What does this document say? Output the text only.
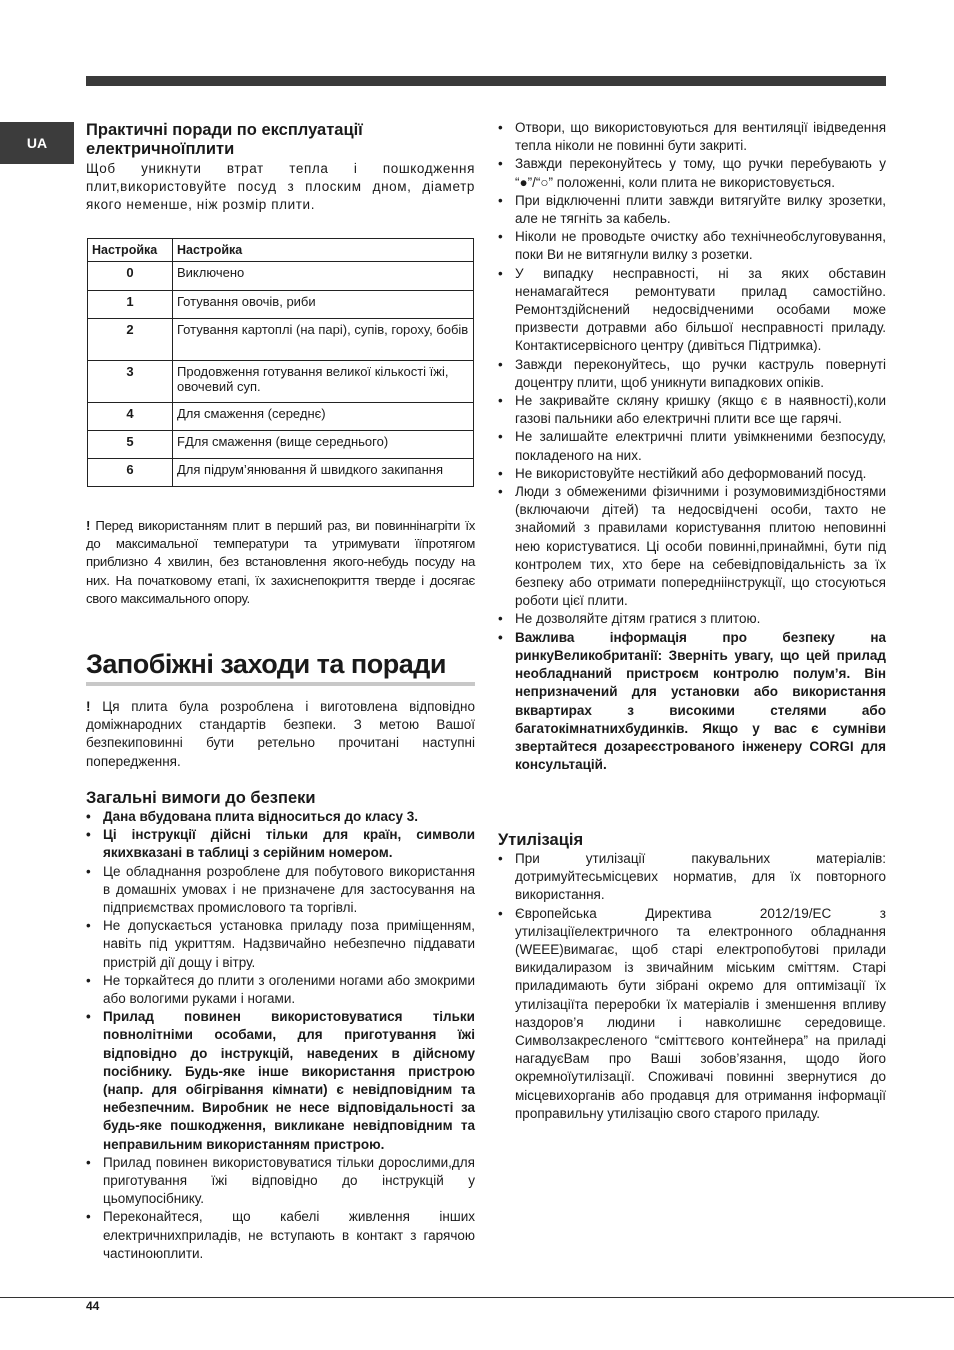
UA
Практичні поради по експлуатації електричноїплити

Щоб уникнути втрат тепла і пошкодження плит,використовуйте посуд з плоским дном, діаметр якого неменше, ніж розмір плити.

Настройка	Настройка
0	Виключено
1	Готування овочів, риби
2	Готування картоплі (на парі), супів, гороху, бобів
3	Продовження готування великої кількості їжі, овочевий суп.
4	Для смаження (середнє)
5	FДля смаження (вище середнього)
6	Для підрум’янювання й швидкого закипання

! Перед використанням плит в перший раз, ви повиннінагріти їх до максимальної температури та утримувати їїпротягом приблизно 4 хвилин, без встановлення якого-небудь посуду на них. На початковому етапі, їх захиснепокриття тверде і досягає свого максимального опору.

Запобіжні заходи та поради

! Ця плита була розроблена і виготовлена відповідно доміжнародних стандартів безпеки. З метою Вашої безпекиповинні бути ретельно прочитані наступні попередження.

Загальні вимоги до безпеки
• Дана вбудована плита відноситься до класу 3.
• Ці інструкції дійсні тільки для країн, символи якихвказані в таблиці з серійним номером.
• Це обладнання розроблене для побутового використання в домашніх умовах і не призначене для застосування на підприємствах промислового та торгівлі.
• Не допускається установка приладу поза приміщенням, навіть під укриттям. Надзвичайно небезпечно піддавати пристрій дії дощу і вітру.
• Не торкайтеся до плити з оголеними ногами або змокрими або вологими руками і ногами.
• Прилад повинен використовуватися тільки повнолітніми особами, для приготування їжі відповідно до інструкцій, наведених в дійсному посібнику. Будь-яке інше використання пристрою (напр. для обігрівання кімнати) є невідповідним та небезпечним. Виробник не несе відповідальності за будь-яке пошкодження, викликане невідповідним та неправильним використанням пристрою.
• Прилад повинен використовуватися тільки дорослими,для приготування їжі відповідно до інструкцій у цьомупосібнику.
• Переконайтеся, що кабелі живлення інших електричнихприладів, не вступають в контакт з гарячою частиноюплити.
• Отвори, що використовуються для вентиляції івідведення тепла ніколи не повинні бути закриті.
• Завжди переконуйтесь у тому, що ручки перебувають у “●”/“○” положенні, коли плита не використовується.
• При відключенні плити завжди витягуйте вилку зрозетки, але не тягніть за кабель.
• Ніколи не проводьте очистку або технічнеобслуговування, поки Ви не витягнули вилку з розетки.
• У випадку несправності, ні за яких обставин ненамагайтеся ремонтувати прилад самостійно. Ремонтздійснений недосвідченими особами може призвести дотравми або більшої несправності приладу. Контактисервісного центру (дивіться Підтримка).
• Завжди переконуйтесь, що ручки каструль повернуті доцентру плити, щоб уникнути випадкових опіків.
• Не закривайте скляну кришку (якщо є в наявності),коли газові пальники або електричні плити все ще гарячі.
• Не залишайте електричні плити увімкненими безпосуду, покладеного на них.
• Не використовуйте нестійкий або деформований посуд.
• Люди з обмеженими фізичними і розумовимиздібностями (включаючи дітей) та недосвідчені особи, тахто не знайомий з правилами користування плитою неповинні нею користуватися. Ці особи повинні,принаймні, бути під контролем тих, хто бере на себевідповідальність за їх безпеку або отримати попередніінструкції, що стосуються роботи цієї плити.
• Не дозволяйте дітям гратися з плитою.
• Важлива інформація про безпеку на ринкуВеликобританії: Зверніть увагу, що цей прилад необладнаний пристроєм контролю полум’я. Він непризначений для установки або використання вквартирах з високими стелями або багатокімнатнихбудинків. Якщо у вас є сумніви звертайтеся дозареєстрованого інженеру CORGI для консультацій.
Утилізація
• При утилізації пакувальних матеріалів: дотримуйтесьмісцевих норматив, для їх повторного використання.
• Європейська Директива 2012/19/EC з утилізаціїелектричного та електронного обладнання (WEEE)вимагає, щоб старі електропобутові прилади викидалиразом із звичайним міським сміттям. Старі приладимають бути зібрані окремо для оптимізації їх утилізаціїта переробки їх матеріалів і зменшення впливу наздоров’я людини і навколишнє середовище. Символзакресленого “сміттєвого контейнера” на приладі нагадуєВам про Ваші зобов’язання, щодо його окремноїутилізації. Споживачі повинні звернутися до місцевихорганів або продавця для отримання інформації проправильну утилізацію свого старого приладу.
44
